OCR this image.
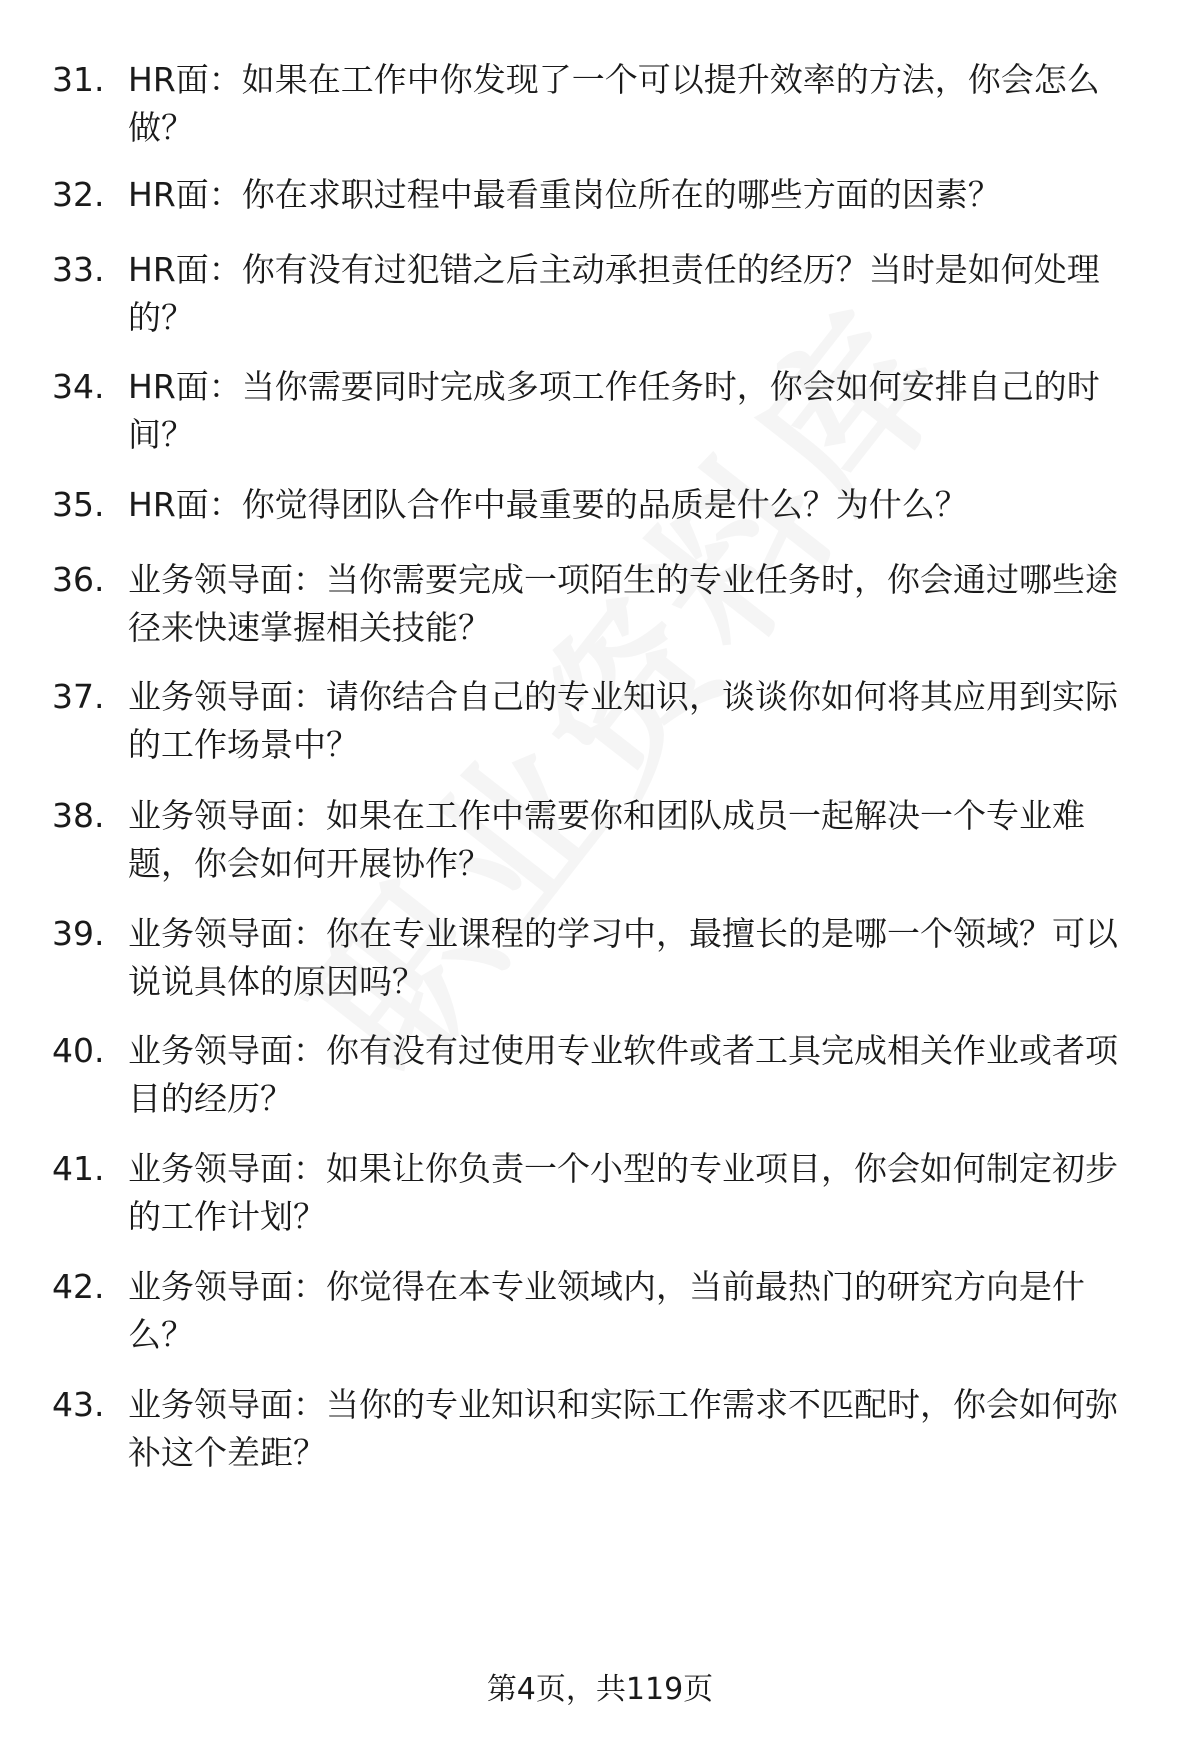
31. HR面：如果在工作中你发现了一个可以提升效率的方法，你会怎么做？
32. HR面：你在求职过程中最看重岗位所在的哪些方面的因素？
33. HR面：你有没有过犯错之后主动承担责任的经历？当时是如何处理的？
34. HR面：当你需要同时完成多项工作任务时，你会如何安排自己的时间？
35. HR面：你觉得团队合作中最重要的品质是什么？为什么？
36. 业务领导面：当你需要完成一项陌生的专业任务时，你会通过哪些途径来快速掌握相关技能？
37. 业务领导面：请你结合自己的专业知识，谈谈你如何将其应用到实际的工作场景中？
38. 业务领导面：如果在工作中需要你和团队成员一起解决一个专业难题，你会如何开展协作？
39. 业务领导面：你在专业课程的学习中，最擅长的是哪一个领域？可以说说具体的原因吗？
40. 业务领导面：你有没有过使用专业软件或者工具完成相关作业或者项目的经历？
41. 业务领导面：如果让你负责一个小型的专业项目，你会如何制定初步的工作计划？
42. 业务领导面：你觉得在本专业领域内，当前最热门的研究方向是什么？
43. 业务领导面：当你的专业知识和实际工作需求不匹配时，你会如何弥补这个差距？
第4页，共119页
